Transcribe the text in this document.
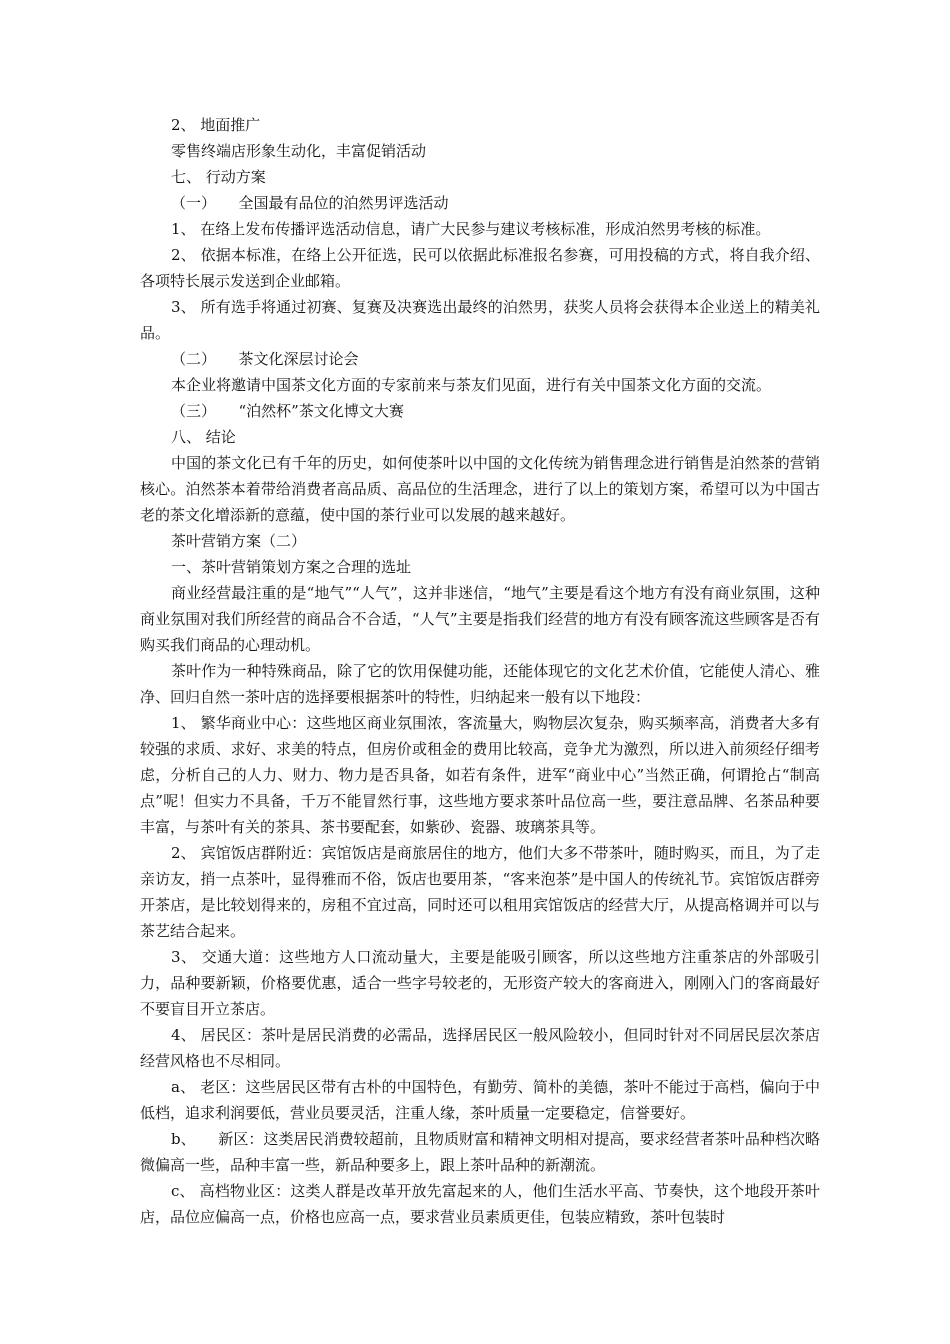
2、 地面推广

零售终端店形象生动化，丰富促销活动

七、 行动方案

（一）　　全国最有品位的泊然男评选活动

1、 在络上发布传播评选活动信息，请广大民参与建议考核标准，形成泊然男考核的标准。

2、 依据本标准，在络上公开征选，民可以依据此标准报名参赛，可用投稿的方式，将自我介绍、各项特长展示发送到企业邮箱。

3、 所有选手将通过初赛、复赛及决赛选出最终的泊然男，获奖人员将会获得本企业送上的精美礼品。

（二）　　茶文化深层讨论会

本企业将邀请中国茶文化方面的专家前来与茶友们见面，进行有关中国茶文化方面的交流。

（三）　　“泊然杯”茶文化博文大赛

八、 结论

中国的茶文化已有千年的历史，如何使茶叶以中国的文化传统为销售理念进行销售是泊然茶的营销核心。泊然茶本着带给消费者高品质、高品位的生活理念，进行了以上的策划方案，希望可以为中国古老的茶文化增添新的意蕴，使中国的茶行业可以发展的越来越好。

茶叶营销方案（二）

一、茶叶营销策划方案之合理的选址

商业经营最注重的是“地气”“人气”，这并非迷信，“地气”主要是看这个地方有没有商业氛围，这种商业氛围对我们所经营的商品合不合适，“人气”主要是指我们经营的地方有没有顾客流这些顾客是否有购买我们商品的心理动机。

茶叶作为一种特殊商品，除了它的饮用保健功能，还能体现它的文化艺术价值，它能使人清心、雅净、回归自然一茶叶店的选择要根据茶叶的特性，归纳起来一般有以下地段：

1、 繁华商业中心：这些地区商业氛围浓，客流量大，购物层次复杂，购买频率高，消费者大多有较强的求质、求好、求美的特点，但房价或租金的费用比较高，竞争尤为激烈，所以进入前须经仔细考虑，分析自己的人力、财力、物力是否具备，如若有条件，进军“商业中心”当然正确，何谓抢占“制高点”呢！但实力不具备，千万不能冒然行事，这些地方要求茶叶品位高一些，要注意品牌、名茶品种要丰富，与茶叶有关的茶具、茶书要配套，如紫砂、瓷器、玻璃茶具等。

2、 宾馆饭店群附近：宾馆饭店是商旅居住的地方，他们大多不带茶叶，随时购买，而且，为了走亲访友，捎一点茶叶，显得雅而不俗，饭店也要用茶，“客来泡茶”是中国人的传统礼节。宾馆饭店群旁开茶店，是比较划得来的，房租不宜过高，同时还可以租用宾馆饭店的经营大厅，从提高格调并可以与茶艺结合起来。

3、 交通大道：这些地方人口流动量大，主要是能吸引顾客，所以这些地方注重茶店的外部吸引力，品种要新颖，价格要优惠，适合一些字号较老的，无形资产较大的客商进入，刚刚入门的客商最好不要盲目开立茶店。

4、 居民区：茶叶是居民消费的必需品，选择居民区一般风险较小，但同时针对不同居民层次茶店经营风格也不尽相同。

a、 老区：这些居民区带有古朴的中国特色，有勤劳、简朴的美德，茶叶不能过于高档，偏向于中低档，追求利润要低，营业员要灵活，注重人缘，茶叶质量一定要稳定，信誉要好。

b、　　新区：这类居民消费较超前，且物质财富和精神文明相对提高，要求经营者茶叶品种档次略微偏高一些，品种丰富一些，新品种要多上，跟上茶叶品种的新潮流。

c、 高档物业区：这类人群是改革开放先富起来的人，他们生活水平高、节奏快，这个地段开茶叶店，品位应偏高一点，价格也应高一点，要求营业员素质更佳，包装应精致，茶叶包装时
